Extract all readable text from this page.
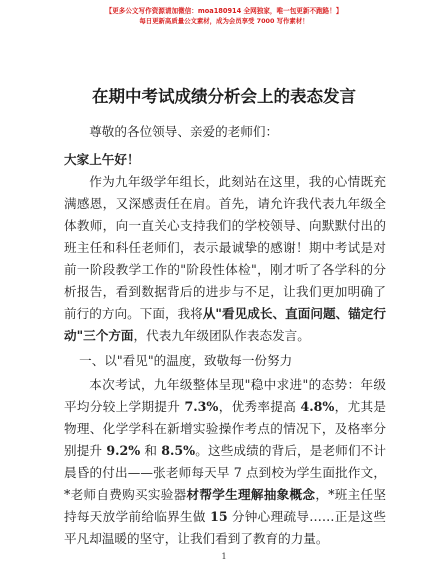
【更多公文写作资源请加微信：moa180914 全网独家，唯一包更新不跑路！】
每日更新高质量公文素材，成为会员享受 7000 写作素材！
在期中考试成绩分析会上的表态发言

尊敬的各位领导、亲爱的老师们：

大家上午好！

作为九年级学年组长，此刻站在这里，我的心情既充满感恩，又深感责任在肩。首先，请允许我代表九年级全体教师，向一直关心支持我们的学校领导、向默默付出的班主任和科任老师们，表示最诚挚的感谢！期中考试是对前一阶段教学工作的"阶段性体检"，刚才听了各学科的分析报告，看到数据背后的进步与不足，让我们更加明确了前行的方向。下面，我将从"看见成长、直面问题、锚定行动"三个方面，代表九年级团队作表态发言。

一、以"看见"的温度，致敬每一份努力

本次考试，九年级整体呈现"稳中求进"的态势：年级平均分较上学期提升 7.3%，优秀率提高 4.8%，尤其是物理、化学学科在新增实验操作考点的情况下，及格率分别提升 9.2% 和 8.5%。这些成绩的背后，是老师们不计晨昏的付出——张老师每天早 7 点到校为学生面批作文，*老师自费购买实验器材帮学生理解抽象概念，*班主任坚持每天放学前给临界生做 15 分钟心理疏导……正是这些平凡却温暖的坚守，让我们看到了教育的力量。

1
